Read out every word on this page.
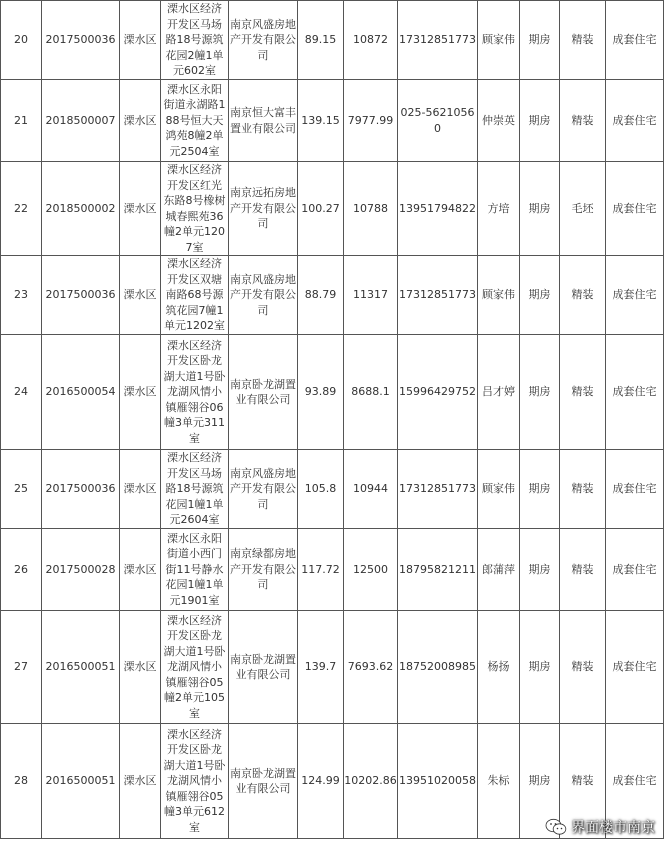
20	2017500036	溧水区	溧水区经济开发区马场路18号源筑花园2幢1单元602室	南京风盛房地产开发有限公司	89.15	10872	17312851773	顾家伟	期房	精装	成套住宅
21	2018500007	溧水区	溧水区永阳街道永湖路188号恒大天鸿苑8幢2单元2504室	南京恒大富丰置业有限公司	139.15	7977.99	025-56210560	仲崇英	期房	精装	成套住宅
22	2018500002	溧水区	溧水区经济开发区红光东路8号橡树城春熙苑36幢2单元1207室	南京远拓房地产开发有限公司	100.27	10788	13951794822	方培	期房	毛坯	成套住宅
23	2017500036	溧水区	溧水区经济开发区双塘南路68号源筑花园7幢1单元1202室	南京风盛房地产开发有限公司	88.79	11317	17312851773	顾家伟	期房	精装	成套住宅
24	2016500054	溧水区	溧水区经济开发区卧龙湖大道1号卧龙湖风情小镇雁翎谷06幢3单元311室	南京卧龙湖置业有限公司	93.89	8688.1	15996429752	吕才婷	期房	精装	成套住宅
25	2017500036	溧水区	溧水区经济开发区马场路18号源筑花园1幢1单元2604室	南京风盛房地产开发有限公司	105.8	10944	17312851773	顾家伟	期房	精装	成套住宅
26	2017500028	溧水区	溧水区永阳街道小西门街11号静水花园1幢1单元1901室	南京绿都房地产开发有限公司	117.72	12500	18795821211	郎蒲萍	期房	精装	成套住宅
27	2016500051	溧水区	溧水区经济开发区卧龙湖大道1号卧龙湖风情小镇雁翎谷05幢2单元105室	南京卧龙湖置业有限公司	139.7	7693.62	18752008985	杨扬	期房	精装	成套住宅
28	2016500051	溧水区	溧水区经济开发区卧龙湖大道1号卧龙湖风情小镇雁翎谷05幢3单元612室	南京卧龙湖置业有限公司	124.99	10202.86	13951020058	朱标	期房	精装	成套住宅
界面楼市南京
